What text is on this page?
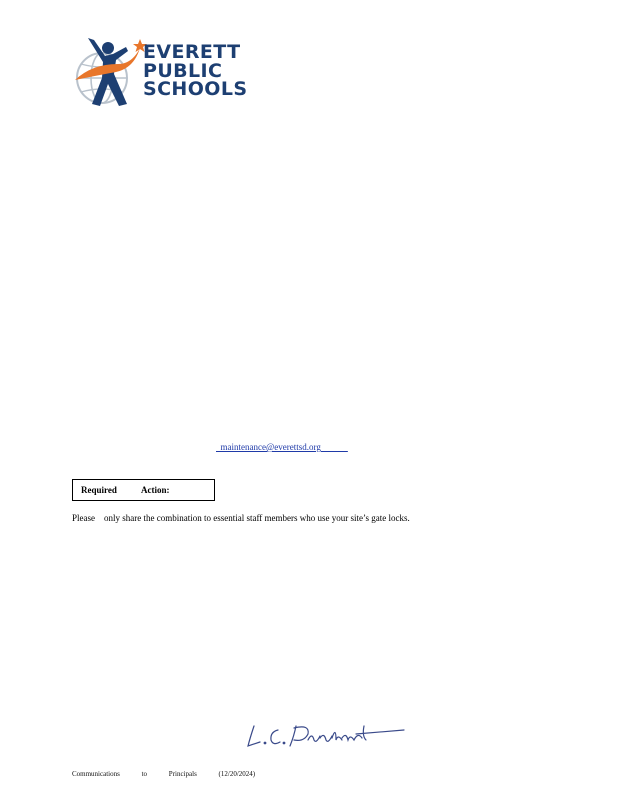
EVERETT
PUBLIC
SCHOOLS

maintenance@everettsd.org

Required	Action:
Please only share the combination to essential staff members who use your site’s gate locks.
Communications	to	Principals	(12/20/2024)
